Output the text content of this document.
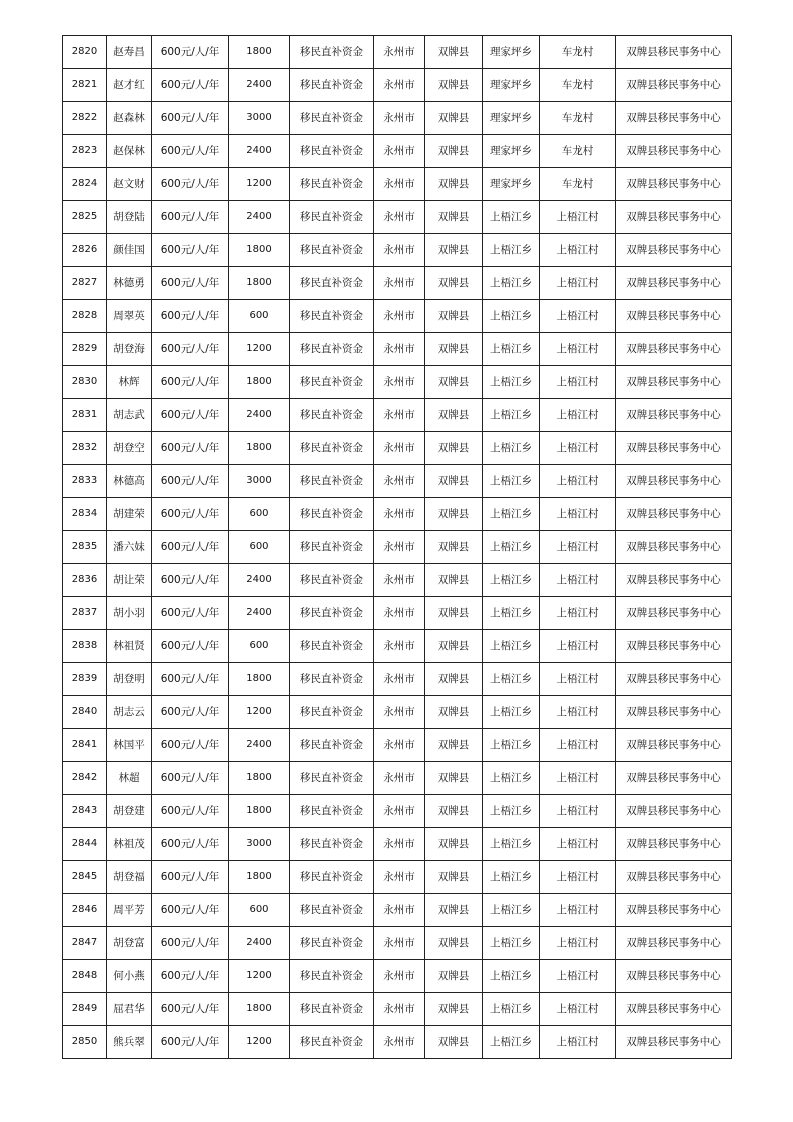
2820	赵寿昌	600元/人/年	1800	移民直补资金	永州市	双牌县	理家坪乡	车龙村	双牌县移民事务中心
2821	赵才红	600元/人/年	2400	移民直补资金	永州市	双牌县	理家坪乡	车龙村	双牌县移民事务中心
2822	赵森林	600元/人/年	3000	移民直补资金	永州市	双牌县	理家坪乡	车龙村	双牌县移民事务中心
2823	赵保林	600元/人/年	2400	移民直补资金	永州市	双牌县	理家坪乡	车龙村	双牌县移民事务中心
2824	赵文财	600元/人/年	1200	移民直补资金	永州市	双牌县	理家坪乡	车龙村	双牌县移民事务中心
2825	胡登陆	600元/人/年	2400	移民直补资金	永州市	双牌县	上梧江乡	上梧江村	双牌县移民事务中心
2826	颜佳国	600元/人/年	1800	移民直补资金	永州市	双牌县	上梧江乡	上梧江村	双牌县移民事务中心
2827	林德勇	600元/人/年	1800	移民直补资金	永州市	双牌县	上梧江乡	上梧江村	双牌县移民事务中心
2828	周翠英	600元/人/年	600	移民直补资金	永州市	双牌县	上梧江乡	上梧江村	双牌县移民事务中心
2829	胡登海	600元/人/年	1200	移民直补资金	永州市	双牌县	上梧江乡	上梧江村	双牌县移民事务中心
2830	林辉	600元/人/年	1800	移民直补资金	永州市	双牌县	上梧江乡	上梧江村	双牌县移民事务中心
2831	胡志武	600元/人/年	2400	移民直补资金	永州市	双牌县	上梧江乡	上梧江村	双牌县移民事务中心
2832	胡登空	600元/人/年	1800	移民直补资金	永州市	双牌县	上梧江乡	上梧江村	双牌县移民事务中心
2833	林德高	600元/人/年	3000	移民直补资金	永州市	双牌县	上梧江乡	上梧江村	双牌县移民事务中心
2834	胡建荣	600元/人/年	600	移民直补资金	永州市	双牌县	上梧江乡	上梧江村	双牌县移民事务中心
2835	潘六妹	600元/人/年	600	移民直补资金	永州市	双牌县	上梧江乡	上梧江村	双牌县移民事务中心
2836	胡让荣	600元/人/年	2400	移民直补资金	永州市	双牌县	上梧江乡	上梧江村	双牌县移民事务中心
2837	胡小羽	600元/人/年	2400	移民直补资金	永州市	双牌县	上梧江乡	上梧江村	双牌县移民事务中心
2838	林祖贤	600元/人/年	600	移民直补资金	永州市	双牌县	上梧江乡	上梧江村	双牌县移民事务中心
2839	胡登明	600元/人/年	1800	移民直补资金	永州市	双牌县	上梧江乡	上梧江村	双牌县移民事务中心
2840	胡志云	600元/人/年	1200	移民直补资金	永州市	双牌县	上梧江乡	上梧江村	双牌县移民事务中心
2841	林国平	600元/人/年	2400	移民直补资金	永州市	双牌县	上梧江乡	上梧江村	双牌县移民事务中心
2842	林超	600元/人/年	1800	移民直补资金	永州市	双牌县	上梧江乡	上梧江村	双牌县移民事务中心
2843	胡登建	600元/人/年	1800	移民直补资金	永州市	双牌县	上梧江乡	上梧江村	双牌县移民事务中心
2844	林祖茂	600元/人/年	3000	移民直补资金	永州市	双牌县	上梧江乡	上梧江村	双牌县移民事务中心
2845	胡登福	600元/人/年	1800	移民直补资金	永州市	双牌县	上梧江乡	上梧江村	双牌县移民事务中心
2846	周平芳	600元/人/年	600	移民直补资金	永州市	双牌县	上梧江乡	上梧江村	双牌县移民事务中心
2847	胡登富	600元/人/年	2400	移民直补资金	永州市	双牌县	上梧江乡	上梧江村	双牌县移民事务中心
2848	何小燕	600元/人/年	1200	移民直补资金	永州市	双牌县	上梧江乡	上梧江村	双牌县移民事务中心
2849	屈君华	600元/人/年	1800	移民直补资金	永州市	双牌县	上梧江乡	上梧江村	双牌县移民事务中心
2850	熊兵翠	600元/人/年	1200	移民直补资金	永州市	双牌县	上梧江乡	上梧江村	双牌县移民事务中心
